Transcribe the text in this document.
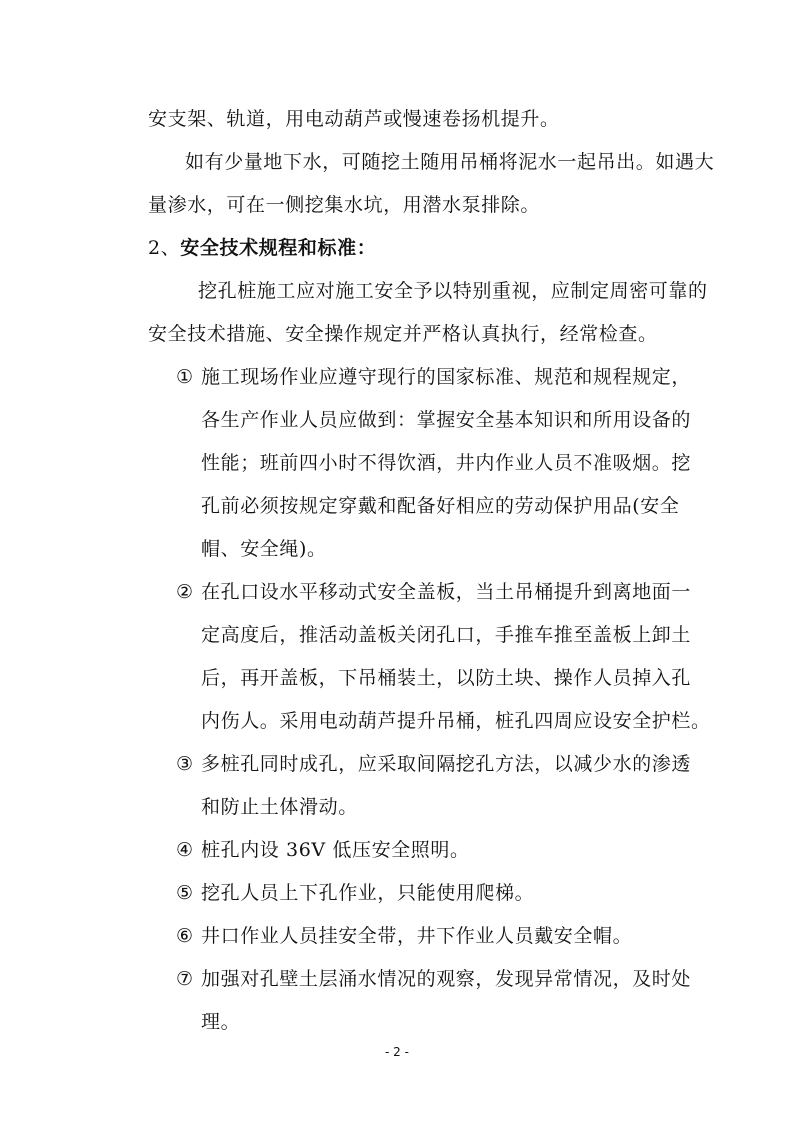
安支架、轨道，用电动葫芦或慢速卷扬机提升。
如有少量地下水，可随挖土随用吊桶将泥水一起吊出。如遇大
量渗水，可在一侧挖集水坑，用潜水泵排除。
2、安全技术规程和标准：
挖孔桩施工应对施工安全予以特别重视，应制定周密可靠的
安全技术措施、安全操作规定并严格认真执行，经常检查。
① 施工现场作业应遵守现行的国家标准、规范和规程规定，
各生产作业人员应做到：掌握安全基本知识和所用设备的
性能；班前四小时不得饮酒，井内作业人员不准吸烟。挖
孔前必须按规定穿戴和配备好相应的劳动保护用品(安全
帽、安全绳)。
② 在孔口设水平移动式安全盖板，当土吊桶提升到离地面一
定高度后，推活动盖板关闭孔口，手推车推至盖板上卸土
后，再开盖板，下吊桶装土，以防土块、操作人员掉入孔
内伤人。采用电动葫芦提升吊桶，桩孔四周应设安全护栏。
③ 多桩孔同时成孔，应采取间隔挖孔方法，以减少水的渗透
和防止土体滑动。
④ 桩孔内设 36V 低压安全照明。
⑤ 挖孔人员上下孔作业，只能使用爬梯。
⑥ 井口作业人员挂安全带，井下作业人员戴安全帽。
⑦ 加强对孔壁土层涌水情况的观察，发现异常情况，及时处
理。
- 2 -
